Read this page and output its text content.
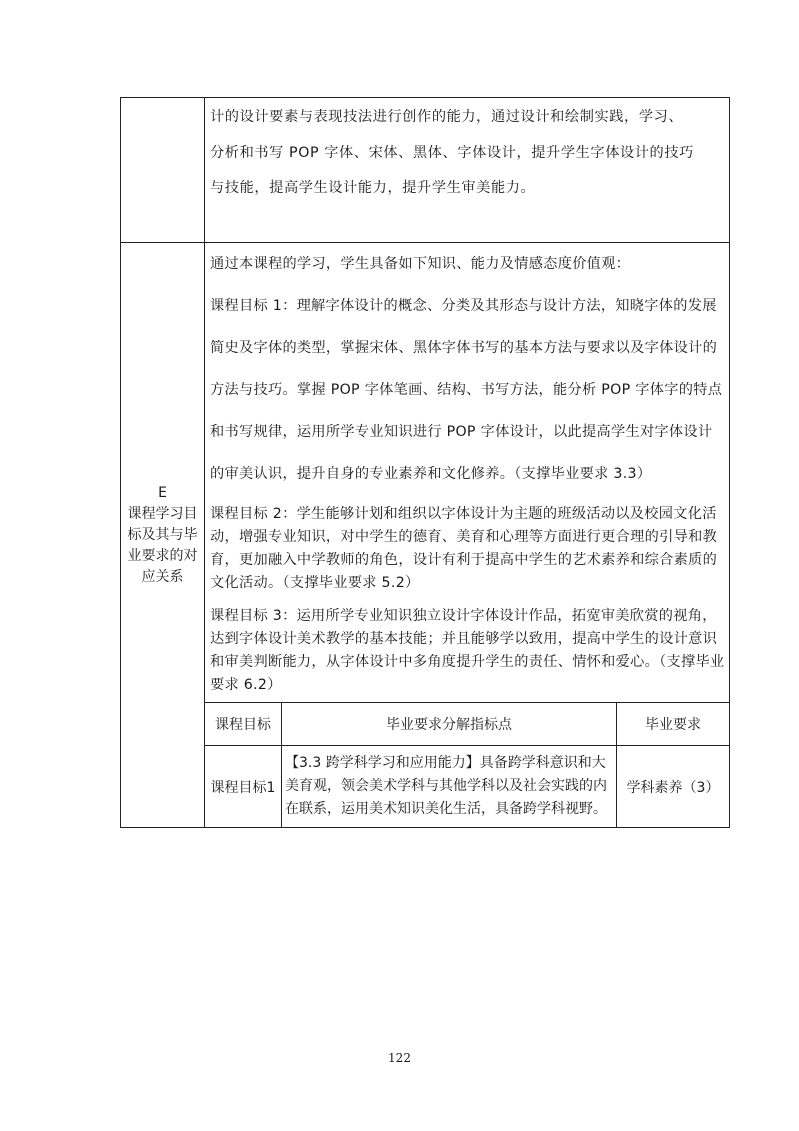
计的设计要素与表现技法进行创作的能力，通过设计和绘制实践，学习、

分析和书写 POP 字体、宋体、黑体、字体设计，提升学生字体设计的技巧

与技能，提高学生设计能力，提升学生审美能力。

E
课程学习目标及其与毕业要求的对应关系

通过本课程的学习，学生具备如下知识、能力及情感态度价值观：

课程目标 1：理解字体设计的概念、分类及其形态与设计方法，知晓字体的发展简史及字体的类型，掌握宋体、黑体字体书写的基本方法与要求以及字体设计的方法与技巧。掌握 POP 字体笔画、结构、书写方法，能分析 POP 字体字的特点和书写规律，运用所学专业知识进行 POP 字体设计，以此提高学生对字体设计的审美认识，提升自身的专业素养和文化修养。（支撑毕业要求 3.3）

课程目标 2：学生能够计划和组织以字体设计为主题的班级活动以及校园文化活动，增强专业知识，对中学生的德育、美育和心理等方面进行更合理的引导和教育，更加融入中学教师的角色，设计有利于提高中学生的艺术素养和综合素质的文化活动。（支撑毕业要求 5.2）

课程目标 3：运用所学专业知识独立设计字体设计作品，拓宽审美欣赏的视角，达到字体设计美术教学的基本技能；并且能够学以致用，提高中学生的设计意识和审美判断能力，从字体设计中多角度提升学生的责任、情怀和爱心。（支撑毕业要求 6.2）

课程目标	毕业要求分解指标点	毕业要求
课程目标1	【3.3 跨学科学习和应用能力】具备跨学科意识和大美育观，领会美术学科与其他学科以及社会实践的内在联系，运用美术知识美化生活，具备跨学科视野。	学科素养（3）
122
